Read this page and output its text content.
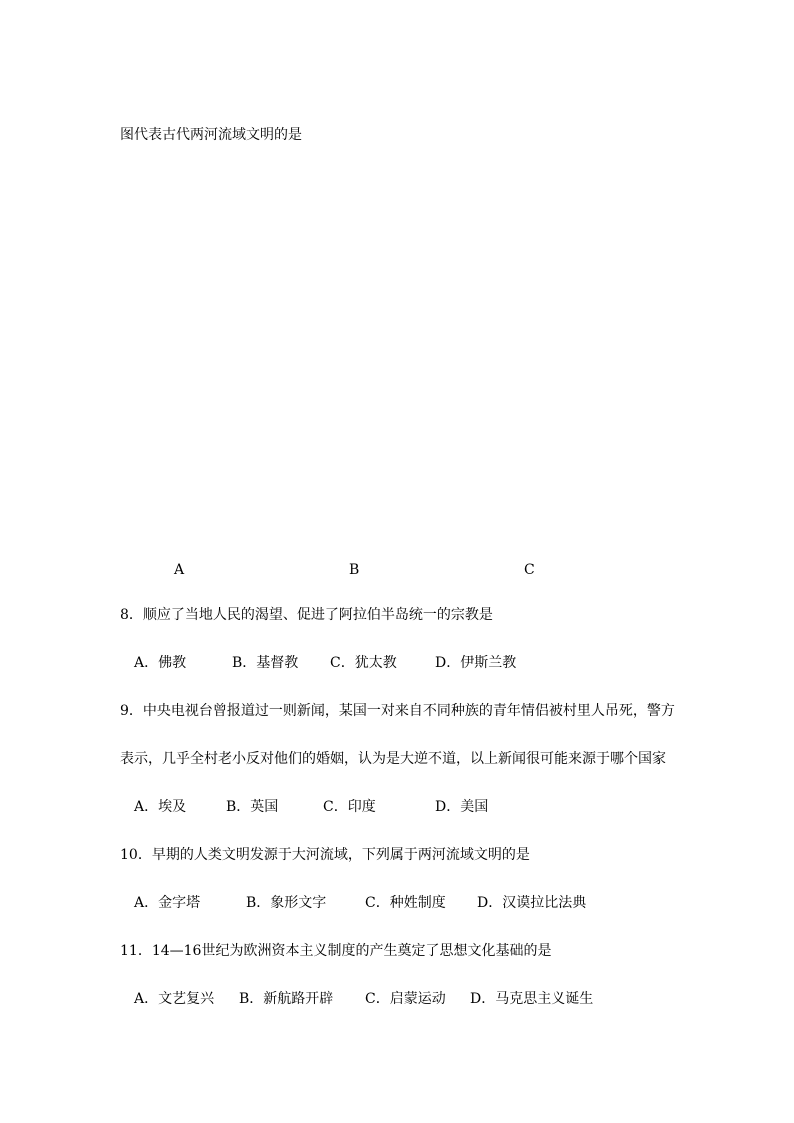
图代表古代两河流域文明的是
A	B	C
8．顺应了当地人民的渴望、促进了阿拉伯半岛统一的宗教是
A．佛教	B．基督教 C．犹太教	D．伊斯兰教
9．中央电视台曾报道过一则新闻，某国一对来自不同种族的青年情侣被村里人吊死，警方
表示，几乎全村老小反对他们的婚姻，认为是大逆不道，以上新闻很可能来源于哪个国家
A．埃及	B．英国	C．印度	D．美国
10．早期的人类文明发源于大河流域，下列属于两河流域文明的是
A．金字塔	B．象形文字	C．种姓制度 D．汉谟拉比法典
11．14—16世纪为欧洲资本主义制度的产生奠定了思想文化基础的是
A．文艺复兴 B．新航路开辟 C．启蒙运动 D．马克思主义诞生
